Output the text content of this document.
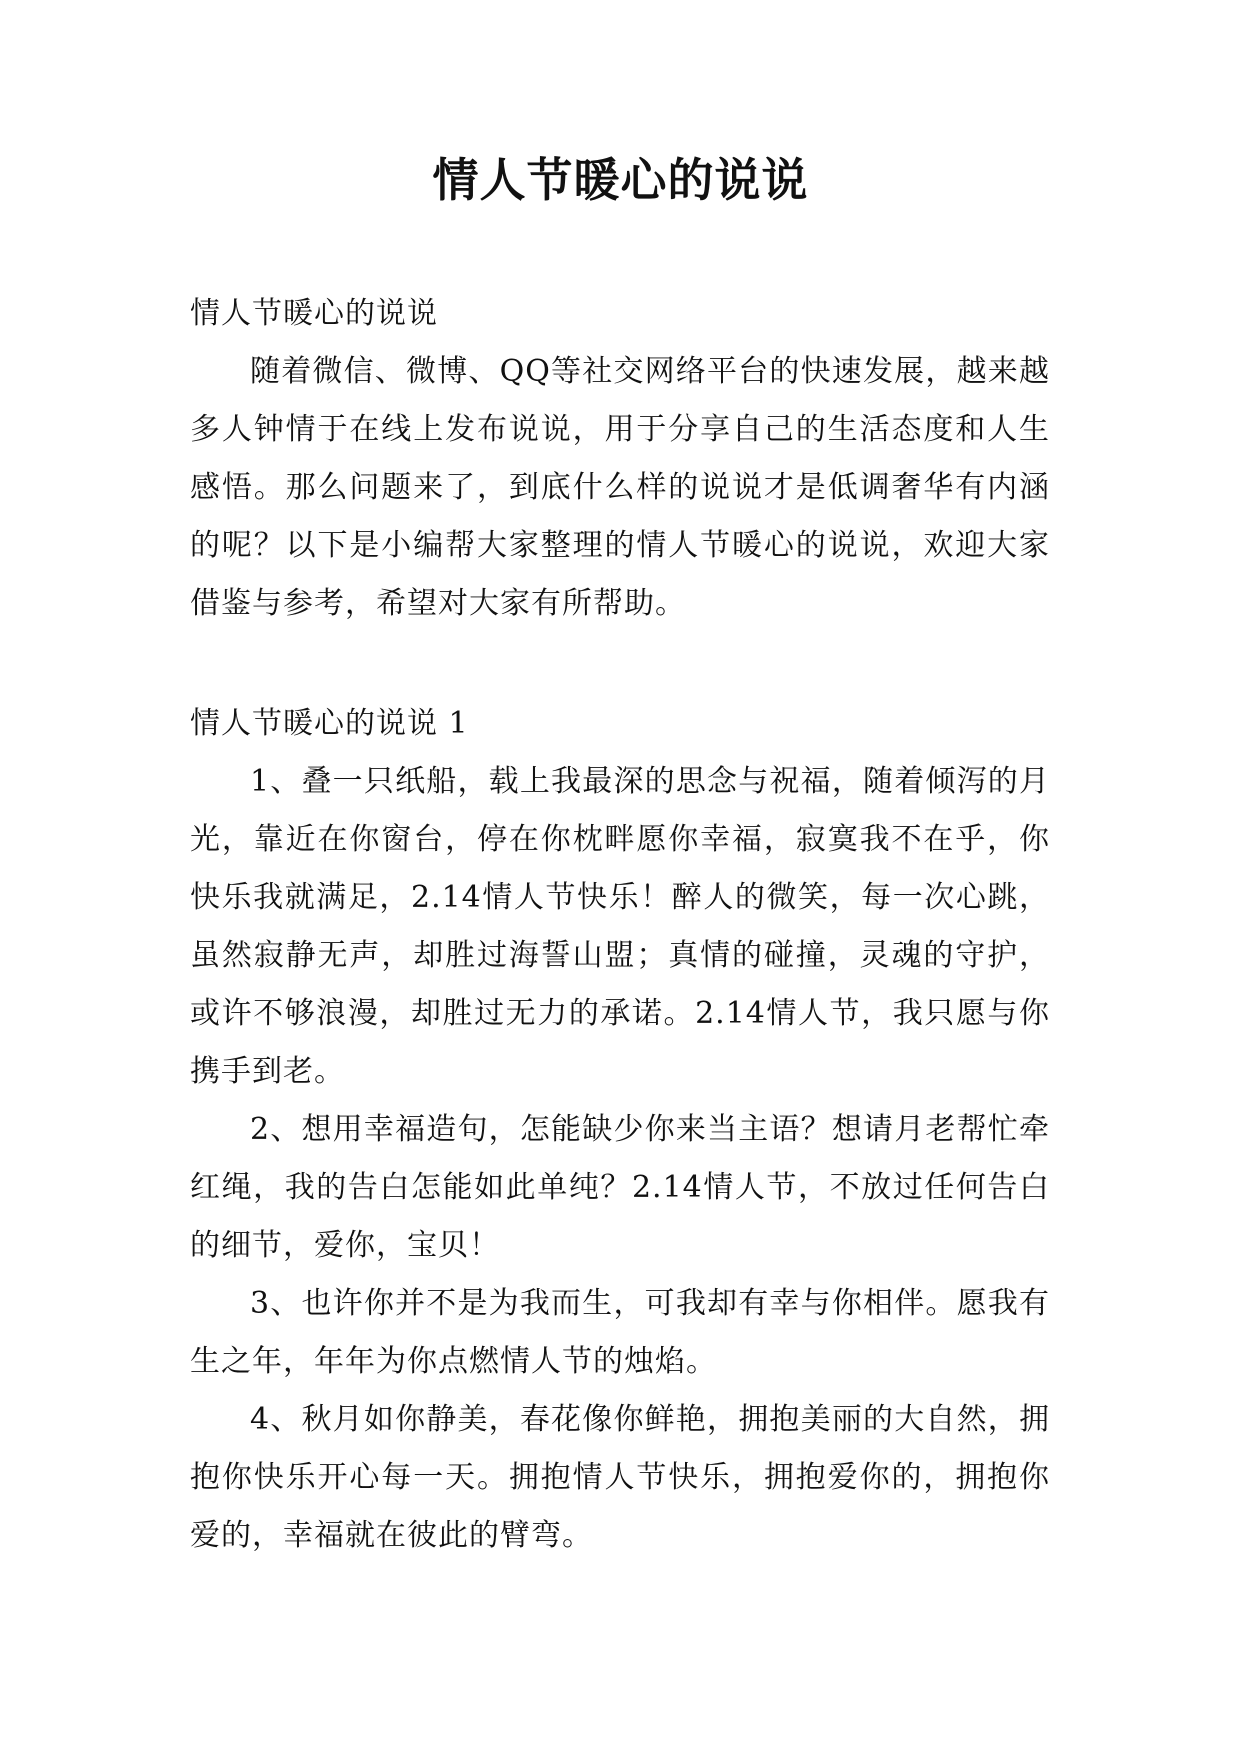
情人节暖心的说说
情人节暖心的说说

随着微信、微博、QQ等社交网络平台的快速发展，越来越多人钟情于在线上发布说说，用于分享自己的生活态度和人生感悟。那么问题来了，到底什么样的说说才是低调奢华有内涵的呢？以下是小编帮大家整理的情人节暖心的说说，欢迎大家借鉴与参考，希望对大家有所帮助。

情人节暖心的说说 1

1、叠一只纸船，载上我最深的思念与祝福，随着倾泻的月光，靠近在你窗台，停在你枕畔愿你幸福，寂寞我不在乎，你快乐我就满足，2.14情人节快乐！醉人的微笑，每一次心跳，虽然寂静无声，却胜过海誓山盟；真情的碰撞，灵魂的守护，或许不够浪漫，却胜过无力的承诺。2.14情人节，我只愿与你携手到老。

2、想用幸福造句，怎能缺少你来当主语？想请月老帮忙牵红绳，我的告白怎能如此单纯？2.14情人节，不放过任何告白的细节，爱你，宝贝！

3、也许你并不是为我而生，可我却有幸与你相伴。愿我有生之年，年年为你点燃情人节的烛焰。

4、秋月如你静美，春花像你鲜艳，拥抱美丽的大自然，拥抱你快乐开心每一天。拥抱情人节快乐，拥抱爱你的，拥抱你爱的，幸福就在彼此的臂弯。
